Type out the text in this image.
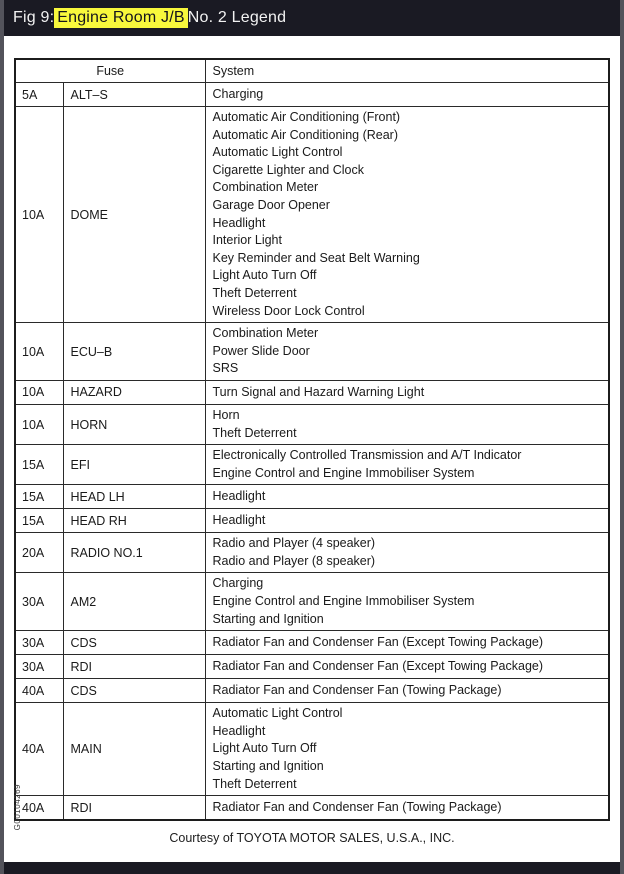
Fig 9: Engine Room J/B No. 2 Legend
Fuse		System
5A	ALT–S	Charging

10A	DOME	
Automatic Air Conditioning (Front)
Automatic Air Conditioning (Rear)
Automatic Light Control
Cigarette Lighter and Clock
Combination Meter
Garage Door Opener
Headlight
Interior Light
Key Reminder and Seat Belt Warning
Light Auto Turn Off
Theft Deterrent
Wireless Door Lock Control

10A	ECU–B	Combination Meter
Power Slide Door
SRS

10A	HAZARD	Turn Signal and Hazard Warning Light

10A	HORN	Horn
Theft Deterrent

15A	EFI	Electronically Controlled Transmission and A/T Indicator
Engine Control and Engine Immobiliser System

15A	HEAD LH	Headlight

15A	HEAD RH	Headlight

20A	RADIO NO.1	Radio and Player (4 speaker)
Radio and Player (8 speaker)

30A	AM2	Charging
Engine Control and Engine Immobiliser System
Starting and Ignition

30A	CDS	Radiator Fan and Condenser Fan (Except Towing Package)

30A	RDI	Radiator Fan and Condenser Fan (Except Towing Package)

40A	CDS	Radiator Fan and Condenser Fan (Towing Package)

40A	MAIN	Automatic Light Control
Headlight
Light Auto Turn Off
Starting and Ignition
Theft Deterrent

40A	RDI	Radiator Fan and Condenser Fan (Towing Package)
G00104269
Courtesy of TOYOTA MOTOR SALES, U.S.A., INC.
